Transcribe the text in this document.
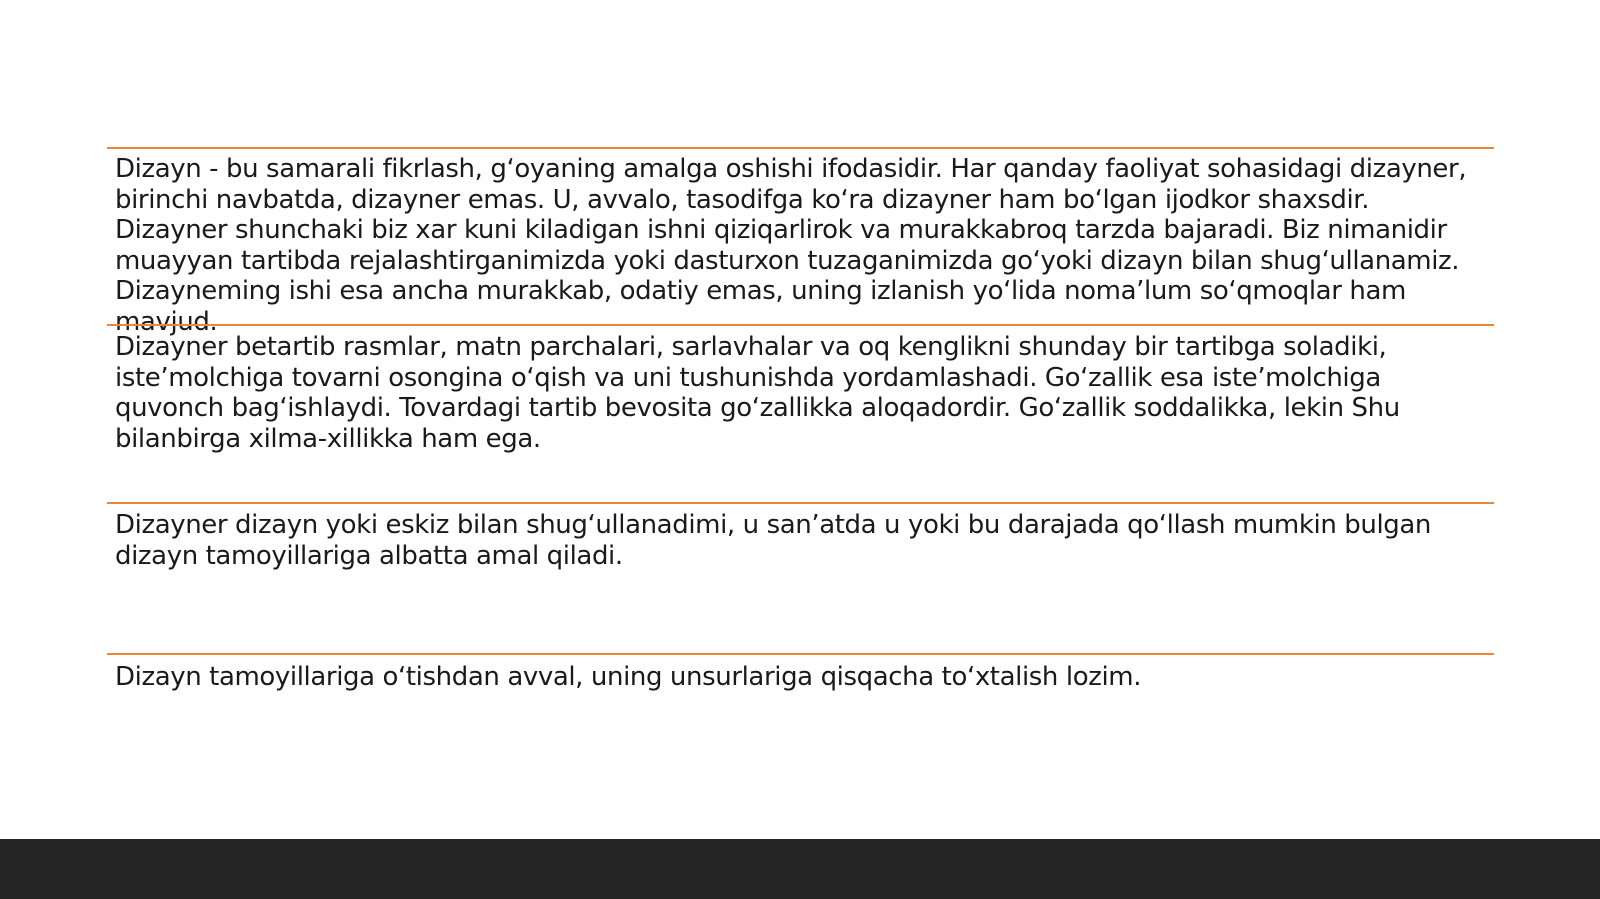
Dizayn - bu samarali fikrlash, g‘oyaning amalga oshishi ifodasidir. Har qanday faoliyat sohasidagi dizayner, birinchi navbatda, dizayner emas. U, avvalo, tasodifga ko‘ra dizayner ham bo‘lgan ijodkor shaxsdir. Dizayner shunchaki biz xar kuni kiladigan ishni qiziqarlirok va murakkabroq tarzda bajaradi. Biz nimanidir muayyan tartibda rejalashtirganimizda yoki dasturxon tuzaganimizda go‘yoki dizayn bilan shug‘ullanamiz. Dizayneming ishi esa ancha murakkab, odatiy emas, uning izlanish yo‘lida noma’lum so‘qmoqlar ham mavjud.

Dizayner betartib rasmlar, matn parchalari, sarlavhalar va oq kenglikni shunday bir tartibga soladiki, iste’molchiga tovarni osongina o‘qish va uni tushunishda yordamlashadi. Go‘zallik esa iste’molchiga quvonch bag‘ishlaydi. Tovardagi tartib bevosita go‘zallikka aloqadordir. Go‘zallik soddalikka, lekin Shu bilanbirga xilma-xillikka ham ega.

Dizayner dizayn yoki eskiz bilan shug‘ullanadimi, u san’atda u yoki bu darajada qo‘llash mumkin bulgan dizayn tamoyillariga albatta amal qiladi.

Dizayn tamoyillariga o‘tishdan avval, uning unsurlariga qisqacha to‘xtalish lozim.
